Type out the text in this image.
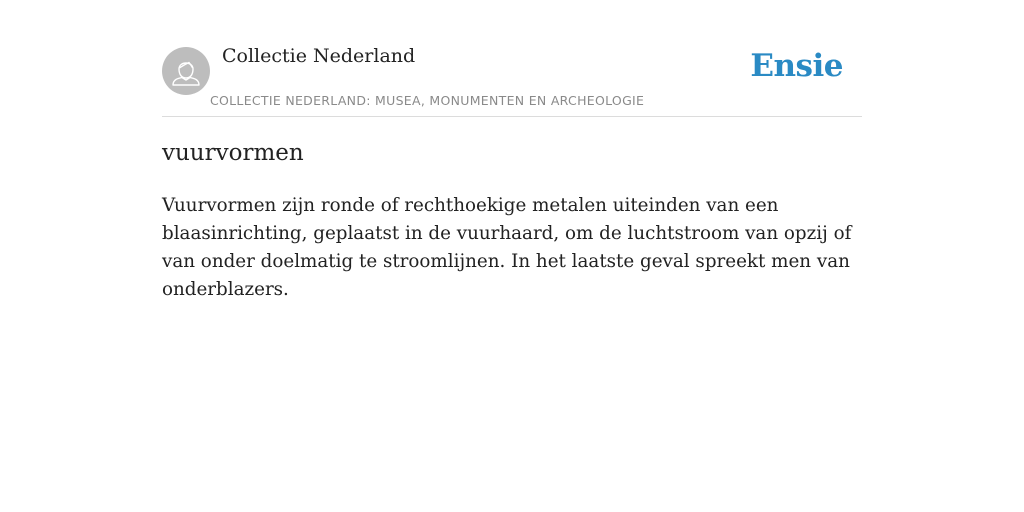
Collectie Nederland
COLLECTIE NEDERLAND: MUSEA, MONUMENTEN EN ARCHEOLOGIE
Ensie
vuurvormen

Vuurvormen zijn ronde of rechthoekige metalen uiteinden van een blaasinrichting, geplaatst in de vuurhaard, om de luchtstroom van opzij of van onder doelmatig te stroomlijnen. In het laatste geval spreekt men van onderblazers.
